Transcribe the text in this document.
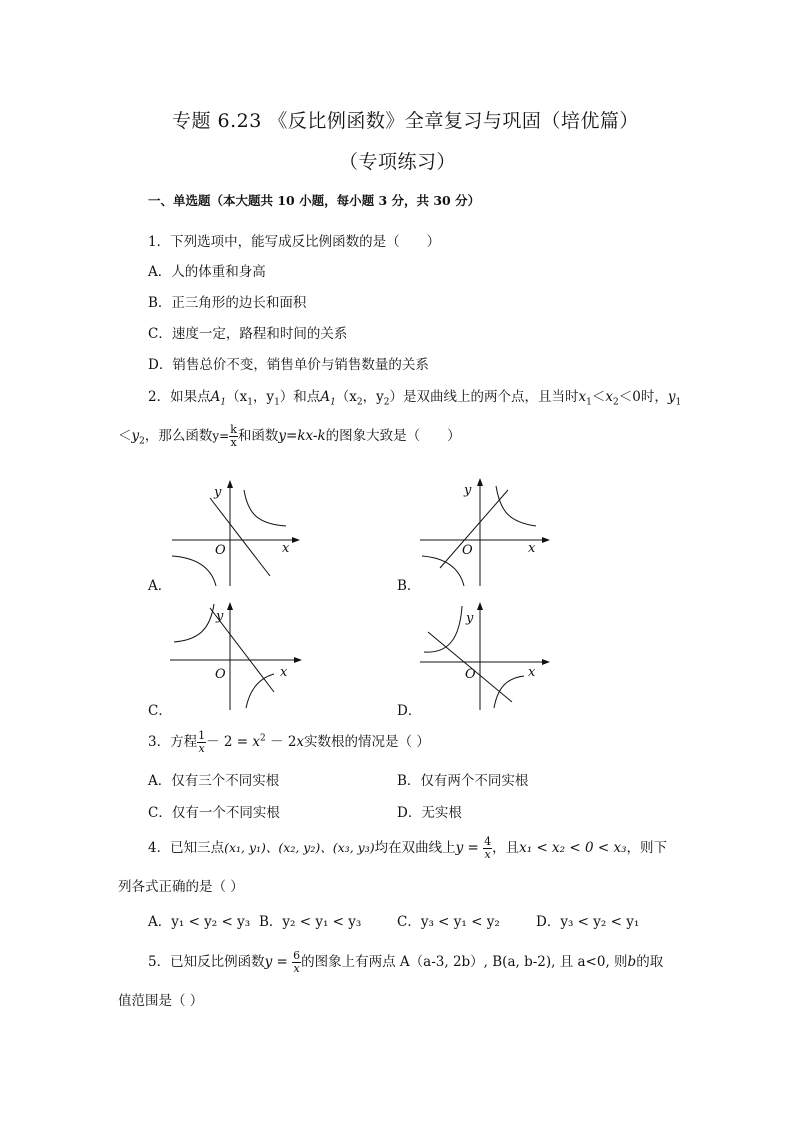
专题 6.23 《反比例函数》全章复习与巩固（培优篇）
（专项练习）
一、单选题（本大题共 10 小题，每小题 3 分，共 30 分）
1．下列选项中，能写成反比例函数的是（　　）
A．人的体重和身高
B．正三角形的边长和面积
C．速度一定，路程和时间的关系
D．销售总价不变，销售单价与销售数量的关系
2．如果点$A_1(x_1$，$y_1$）和点$A_1(x_2$，$y_2$）是双曲线上的两个点，且当时$x_1<x_2<0$时，$y_1$
$<y_2$，那么函数$y= \frac{k}{x}$ 和函数y=kx-k的图象大致是（　　）
y
x
O
A．
y
x
O
B．
y
x
O
C．
y
x
O
D．
3．方程 $\frac{1}{x} - 2 = x^2 - 2x$实数根的情况是（ ）
A．仅有三个不同实根	B．仅有两个不同实根
C．仅有一个不同实根	D．无实根
4．已知三点(x₁, y₁)、(x₂, y₂)、(x₃, y₃)均在双曲线上$y = \frac{4}{x}$ ，且x₁ < x₂ < 0 < x₃，则下
列各式正确的是（ ）
A．y₁ < y₂ < y₃ B．y₂ < y₁ < y₃	C．y₃ < y₁ < y₂	D．y₃ < y₂ < y₁
5．已知反比例函数$y = \frac{6}{x}$ 的图象上有两点 A（a-3, 2b）, B(a, b-2), 且 a<0, 则b的取
值范围是（ ）
